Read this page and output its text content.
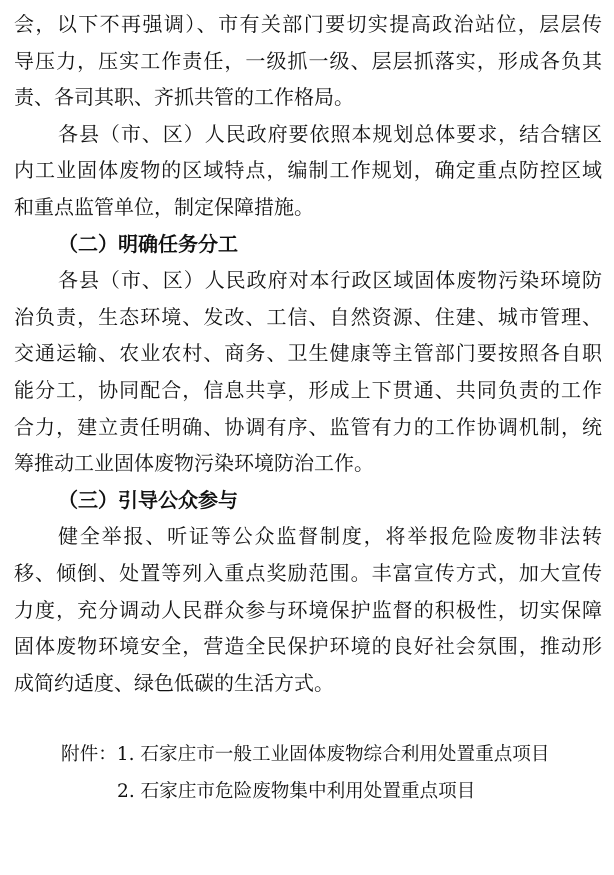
会，以下不再强调）、市有关部门要切实提高政治站位，层层传
导压力，压实工作责任，一级抓一级、层层抓落实，形成各负其
责、各司其职、齐抓共管的工作格局。
各县（市、区）人民政府要依照本规划总体要求，结合辖区
内工业固体废物的区域特点，编制工作规划，确定重点防控区域
和重点监管单位，制定保障措施。
（二）明确任务分工
各县（市、区）人民政府对本行政区域固体废物污染环境防
治负责，生态环境、发改、工信、自然资源、住建、城市管理、
交通运输、农业农村、商务、卫生健康等主管部门要按照各自职
能分工，协同配合，信息共享，形成上下贯通、共同负责的工作
合力，建立责任明确、协调有序、监管有力的工作协调机制，统
筹推动工业固体废物污染环境防治工作。
（三）引导公众参与
健全举报、听证等公众监督制度，将举报危险废物非法转
移、倾倒、处置等列入重点奖励范围。丰富宣传方式，加大宣传
力度，充分调动人民群众参与环境保护监督的积极性，切实保障
固体废物环境安全，营造全民保护环境的良好社会氛围，推动形
成简约适度、绿色低碳的生活方式。
附件：1. 石家庄市一般工业固体废物综合利用处置重点项目
2. 石家庄市危险废物集中利用处置重点项目
